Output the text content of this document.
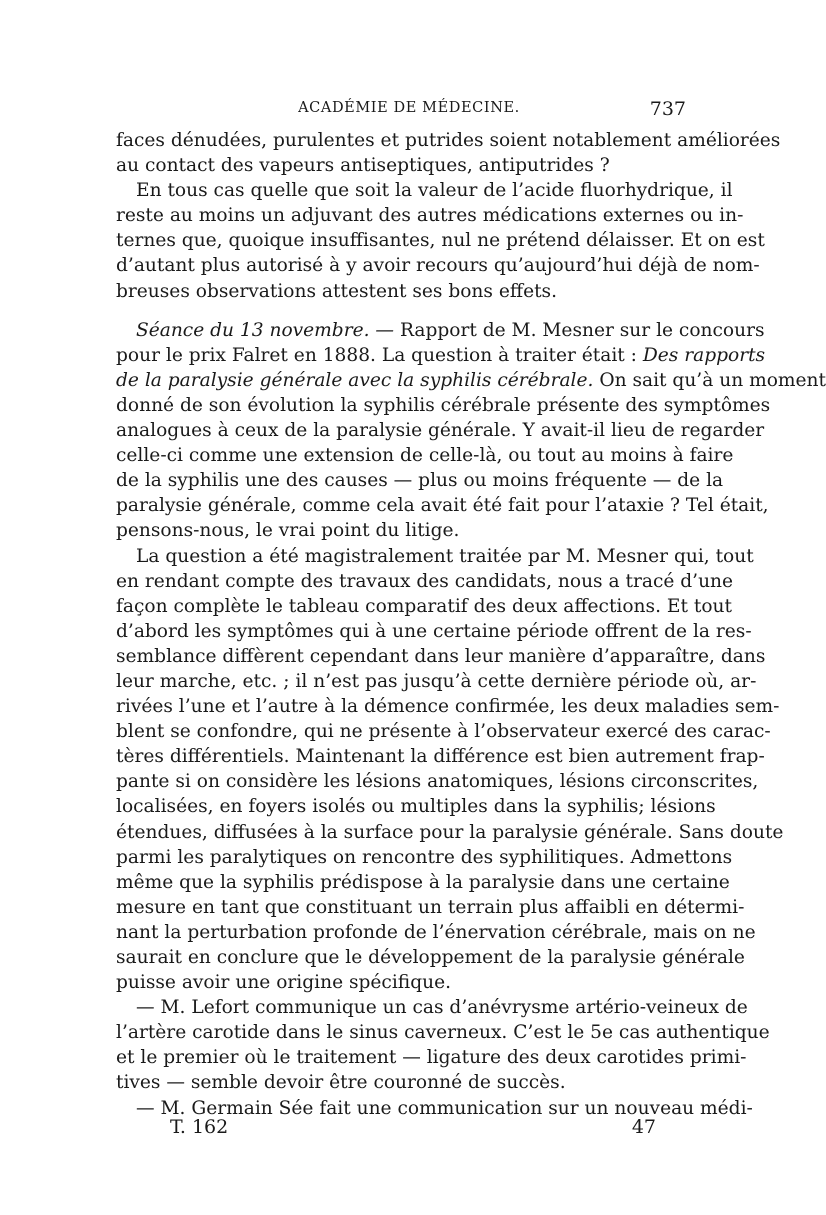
ACADÉMIE DE MÉDECINE.	737
faces dénudées, purulentes et putrides soient notablement améliorées
au contact des vapeurs antiseptiques, antiputrides ?
En tous cas quelle que soit la valeur de l’acide fluorhydrique, il
reste au moins un adjuvant des autres médications externes ou in-
ternes que, quoique insuffisantes, nul ne prétend délaisser. Et on est
d’autant plus autorisé à y avoir recours qu’aujourd’hui déjà de nom-
breuses observations attestent ses bons effets.
Séance du 13 novembre. — Rapport de M. Mesner sur le concours
pour le prix Falret en 1888. La question à traiter était : Des rapports
de la paralysie générale avec la syphilis cérébrale. On sait qu’à un moment
donné de son évolution la syphilis cérébrale présente des symptômes
analogues à ceux de la paralysie générale. Y avait-il lieu de regarder
celle-ci comme une extension de celle-là, ou tout au moins à faire
de la syphilis une des causes — plus ou moins fréquente — de la
paralysie générale, comme cela avait été fait pour l’ataxie ? Tel était,
pensons-nous, le vrai point du litige.
La question a été magistralement traitée par M. Mesner qui, tout
en rendant compte des travaux des candidats, nous a tracé d’une
façon complète le tableau comparatif des deux affections. Et tout
d’abord les symptômes qui à une certaine période offrent de la res-
semblance diffèrent cependant dans leur manière d’apparaître, dans
leur marche, etc. ; il n’est pas jusqu’à cette dernière période où, ar-
rivées l’une et l’autre à la démence confirmée, les deux maladies sem-
blent se confondre, qui ne présente à l’observateur exercé des carac-
tères différentiels. Maintenant la différence est bien autrement frap-
pante si on considère les lésions anatomiques, lésions circonscrites,
localisées, en foyers isolés ou multiples dans la syphilis; lésions
étendues, diffusées à la surface pour la paralysie générale. Sans doute
parmi les paralytiques on rencontre des syphilitiques. Admettons
même que la syphilis prédispose à la paralysie dans une certaine
mesure en tant que constituant un terrain plus affaibli en détermi-
nant la perturbation profonde de l’énervation cérébrale, mais on ne
saurait en conclure que le développement de la paralysie générale
puisse avoir une origine spécifique.
— M. Lefort communique un cas d’anévrysme artério-veineux de
l’artère carotide dans le sinus caverneux. C’est le 5e cas authentique
et le premier où le traitement — ligature des deux carotides primi-
tives — semble devoir être couronné de succès.
— M. Germain Sée fait une communication sur un nouveau médi-
T. 162	47
